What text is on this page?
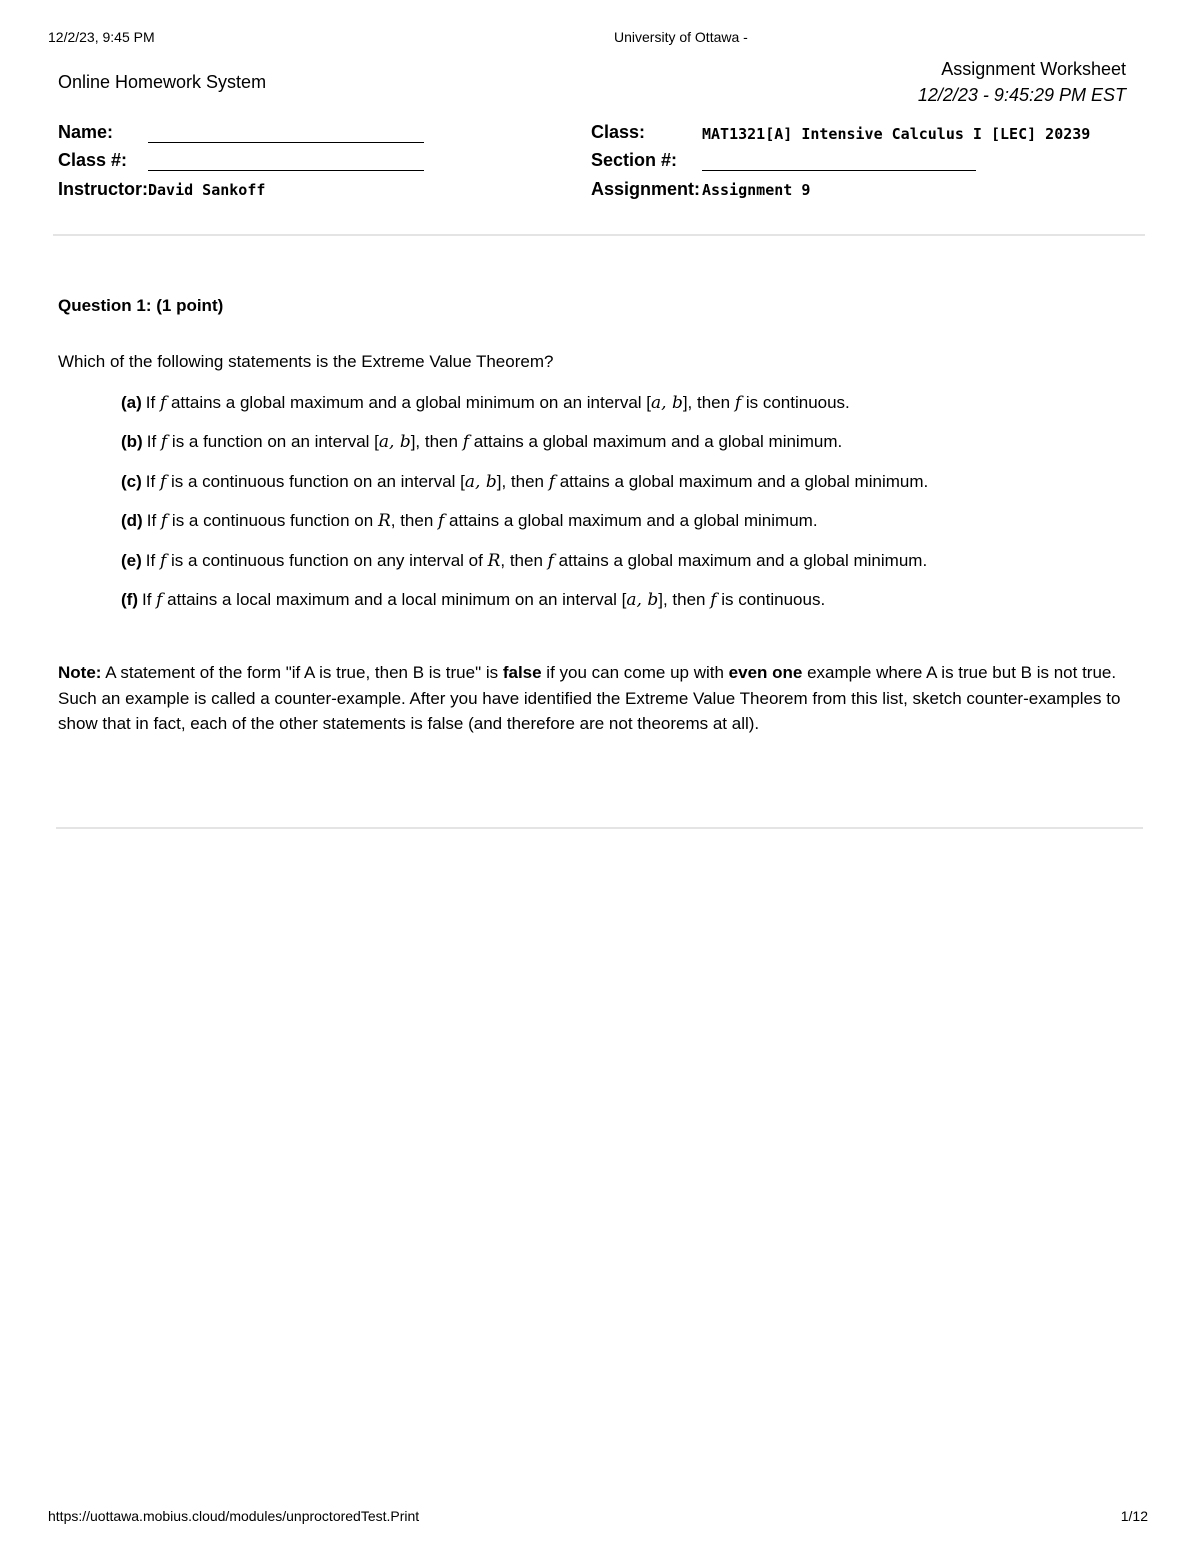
12/2/23, 9:45 PM	University of Ottawa -
Online Homework System
Assignment Worksheet
12/2/23 - 9:45:29 PM EST
Name:
Class #:
Instructor: David Sankoff
Class:	MAT1321[A] Intensive Calculus I [LEC] 20239
Section #:
Assignment: Assignment 9
Question 1: (1 point)
Which of the following statements is the Extreme Value Theorem?
(a) If f attains a global maximum and a global minimum on an interval [a, b], then f is continuous.
(b) If f is a function on an interval [a, b], then f attains a global maximum and a global minimum.
(c) If f is a continuous function on an interval [a, b], then f attains a global maximum and a global minimum.
(d) If f is a continuous function on R, then f attains a global maximum and a global minimum.
(e) If f is a continuous function on any interval of R, then f attains a global maximum and a global minimum.
(f) If f attains a local maximum and a local minimum on an interval [a, b], then f is continuous.
Note: A statement of the form "if A is true, then B is true" is false if you can come up with even one example where A is true but B is not true. Such an example is called a counter-example. After you have identified the Extreme Value Theorem from this list, sketch counter-examples to show that in fact, each of the other statements is false (and therefore are not theorems at all).
https://uottawa.mobius.cloud/modules/unproctoredTest.Print	1/12
